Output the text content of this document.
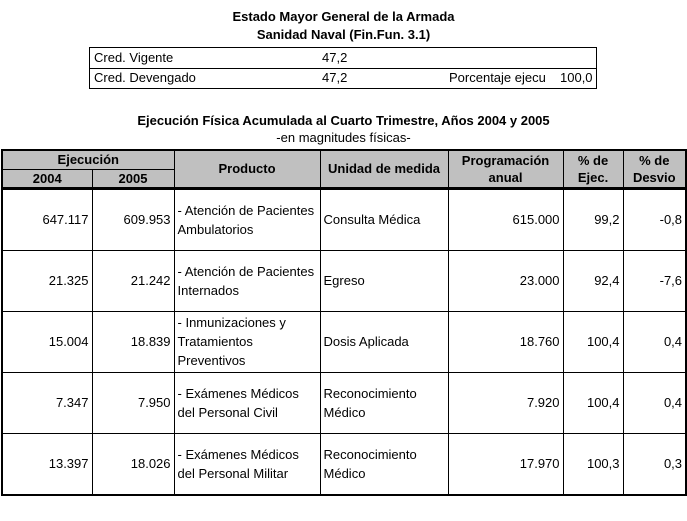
Estado Mayor General de la Armada
Sanidad Naval (Fin.Fun. 3.1)
Cred. Vigente	47,2
Cred. Devengado	47,2	Porcentaje ejecu 100,0
Ejecución Física Acumulada al Cuarto Trimestre, Años 2004 y 2005
-en magnitudes físicas-
Ejecución		Producto	Unidad de medida	Programación anual	% de Ejec.	% de Desvio
2004	2005					
647.117	609.953	- Atención de Pacientes Ambulatorios	Consulta Médica	615.000	99,2	-0,8
21.325	21.242	- Atención de Pacientes Internados	Egreso	23.000	92,4	-7,6
15.004	18.839	- Inmunizaciones y Tratamientos Preventivos	Dosis Aplicada	18.760	100,4	0,4
7.347	7.950	- Exámenes Médicos del Personal Civil	Reconocimiento Médico	7.920	100,4	0,4
13.397	18.026	- Exámenes Médicos del Personal Militar	Reconocimiento Médico	17.970	100,3	0,3
